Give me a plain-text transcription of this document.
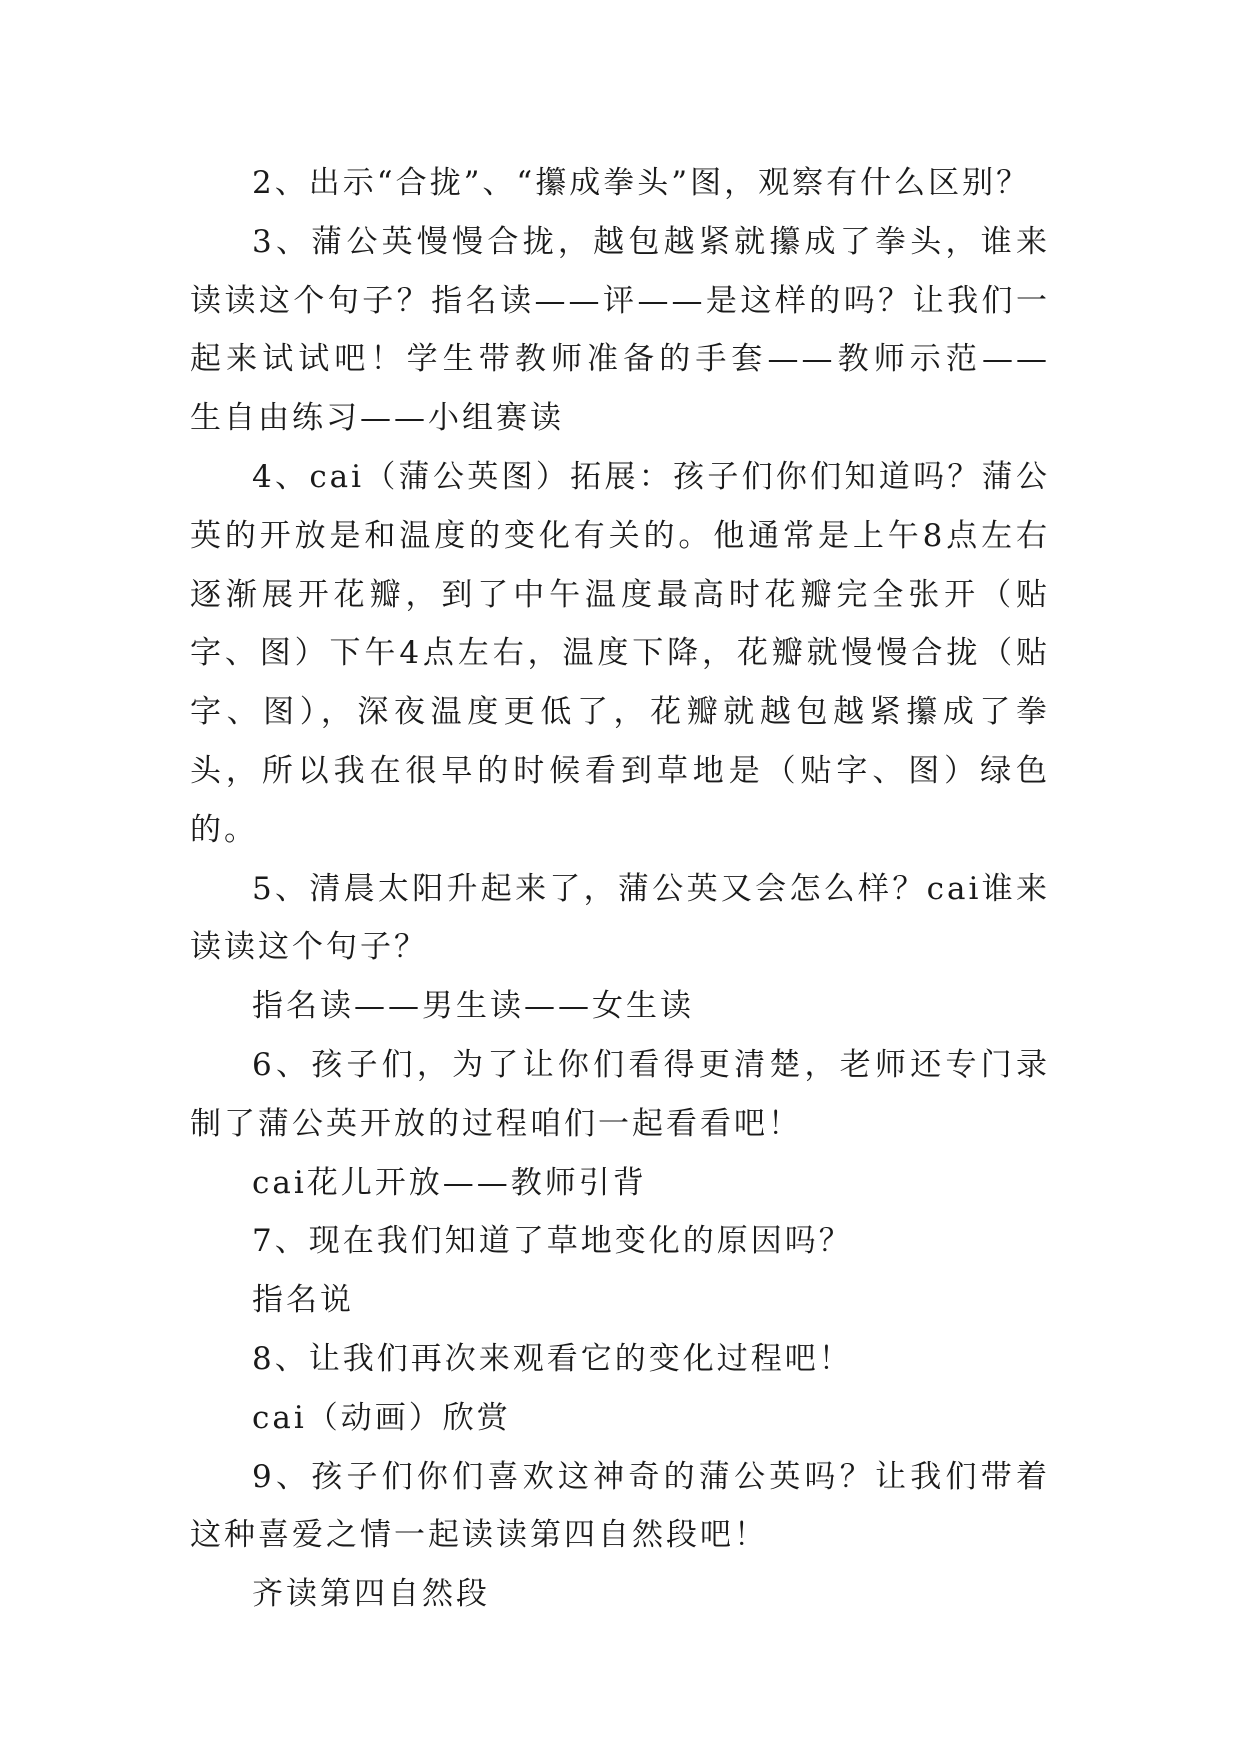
2、出示“合拢”、“攥成拳头”图，观察有什么区别？

3、蒲公英慢慢合拢，越包越紧就攥成了拳头，谁来读读这个句子？指名读——评——是这样的吗？让我们一起来试试吧！学生带教师准备的手套——教师示范—— 生自由练习——小组赛读

4、cai（蒲公英图）拓展：孩子们你们知道吗？蒲公英的开放是和温度的变化有关的。他通常是上午8点左右逐渐展开花瓣，到了中午温度最高时花瓣完全张开（贴字、图）下午4点左右，温度下降，花瓣就慢慢合拢（贴字、图），深夜温度更低了，花瓣就越包越紧攥成了拳头，所以我在很早的时候看到草地是（贴字、图）绿色的。

5、清晨太阳升起来了，蒲公英又会怎么样？cai谁来读读这个句子？

指名读——男生读——女生读

6、孩子们，为了让你们看得更清楚，老师还专门录制了蒲公英开放的过程咱们一起看看吧！

cai花儿开放——教师引背

7、现在我们知道了草地变化的原因吗？

指名说

8、让我们再次来观看它的变化过程吧！

cai（动画）欣赏

9、孩子们你们喜欢这神奇的蒲公英吗？让我们带着这种喜爱之情一起读读第四自然段吧！

齐读第四自然段
